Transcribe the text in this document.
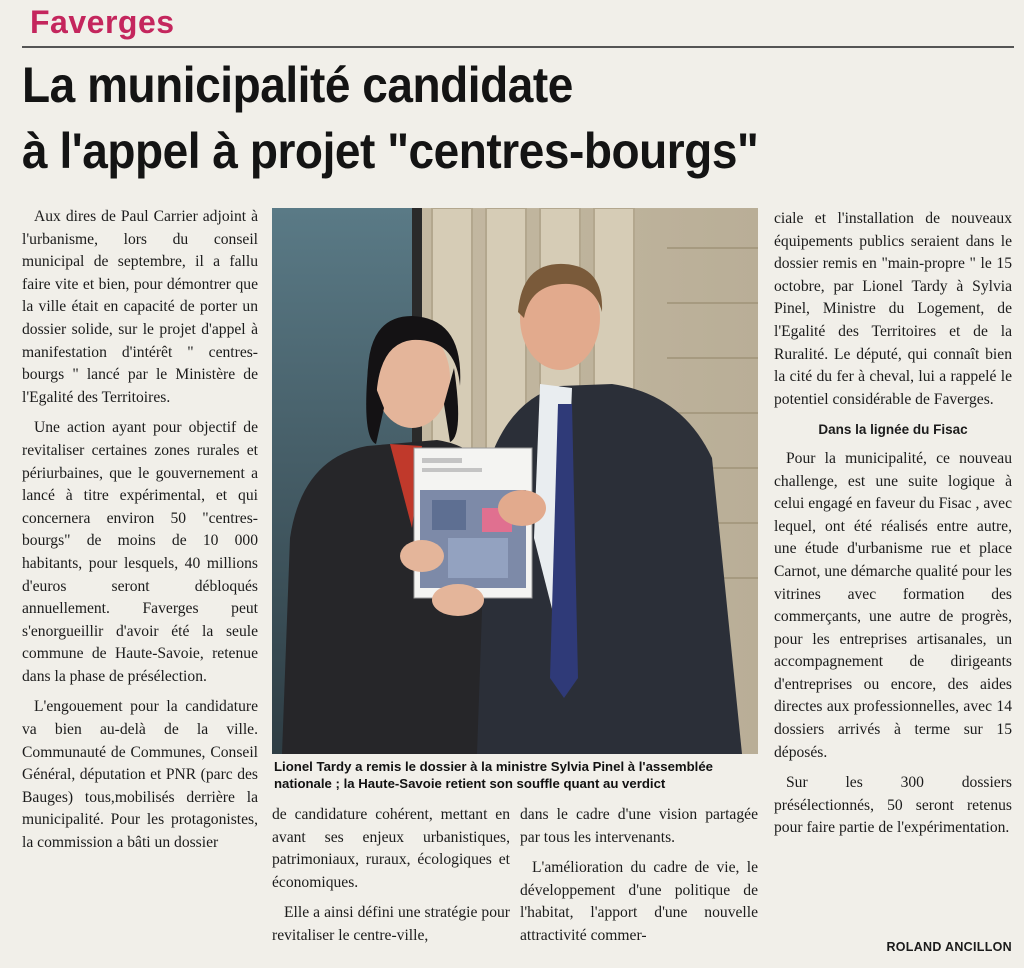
Faverges
La municipalité candidate
à l'appel à projet "centres-bourgs"

Aux dires de Paul Carrier adjoint à l'urbanisme, lors du conseil municipal de septembre, il a fallu faire vite et bien, pour démontrer que la ville était en capacité de porter un dossier solide, sur le projet d'appel à manifestation d'intérêt " centres-bourgs " lancé par le Ministère de l'Egalité des Territoires.

Une action ayant pour objectif de revitaliser certaines zones rurales et périurbaines, que le gouvernement a lancé à titre expérimental, et qui concernera environ 50 "centres-bourgs" de moins de 10 000 habitants, pour lesquels, 40 millions d'euros seront débloqués annuellement. Faverges peut s'enorgueillir d'avoir été la seule commune de Haute-Savoie, retenue dans la phase de présélection.

L'engouement pour la candidature va bien au-delà de la ville. Communauté de Communes, Conseil Général, députation et PNR (parc des Bauges) tous,mobilisés derrière la municipalité. Pour les protagonistes, la commission a bâti un dossier

Lionel Tardy a remis le dossier à la ministre Sylvia Pinel à l'assemblée nationale ; la Haute-Savoie retient son souffle quant au verdict

de candidature cohérent, mettant en avant ses enjeux urbanistiques, patrimoniaux, ruraux, écologiques et économiques.

Elle a ainsi défini une stratégie pour revitaliser le centre-ville,

dans le cadre d'une vision partagée par tous les intervenants.

L'amélioration du cadre de vie, le développement d'une politique de l'habitat, l'apport d'une nouvelle attractivité commer-

ciale et l'installation de nouveaux équipements publics seraient dans le dossier remis en "main-propre " le 15 octobre, par Lionel Tardy à Sylvia Pinel, Ministre du Logement, de l'Egalité des Territoires et de la Ruralité. Le député, qui connaît bien la cité du fer à cheval, lui a rappelé le potentiel considérable de Faverges.

Dans la lignée du Fisac

Pour la municipalité, ce nouveau challenge, est une suite logique à celui engagé en faveur du Fisac , avec lequel, ont été réalisés entre autre, une étude d'urbanisme rue et place Carnot, une démarche qualité pour les vitrines avec formation des commerçants, une autre de progrès, pour les entreprises artisanales, un accompagnement de dirigeants d'entreprises ou encore, des aides directes aux professionnelles, avec 14 dossiers arrivés à terme sur 15 déposés.

Sur les 300 dossiers présélectionnés, 50 seront retenus pour faire partie de l'expérimentation.

ROLAND ANCILLON
